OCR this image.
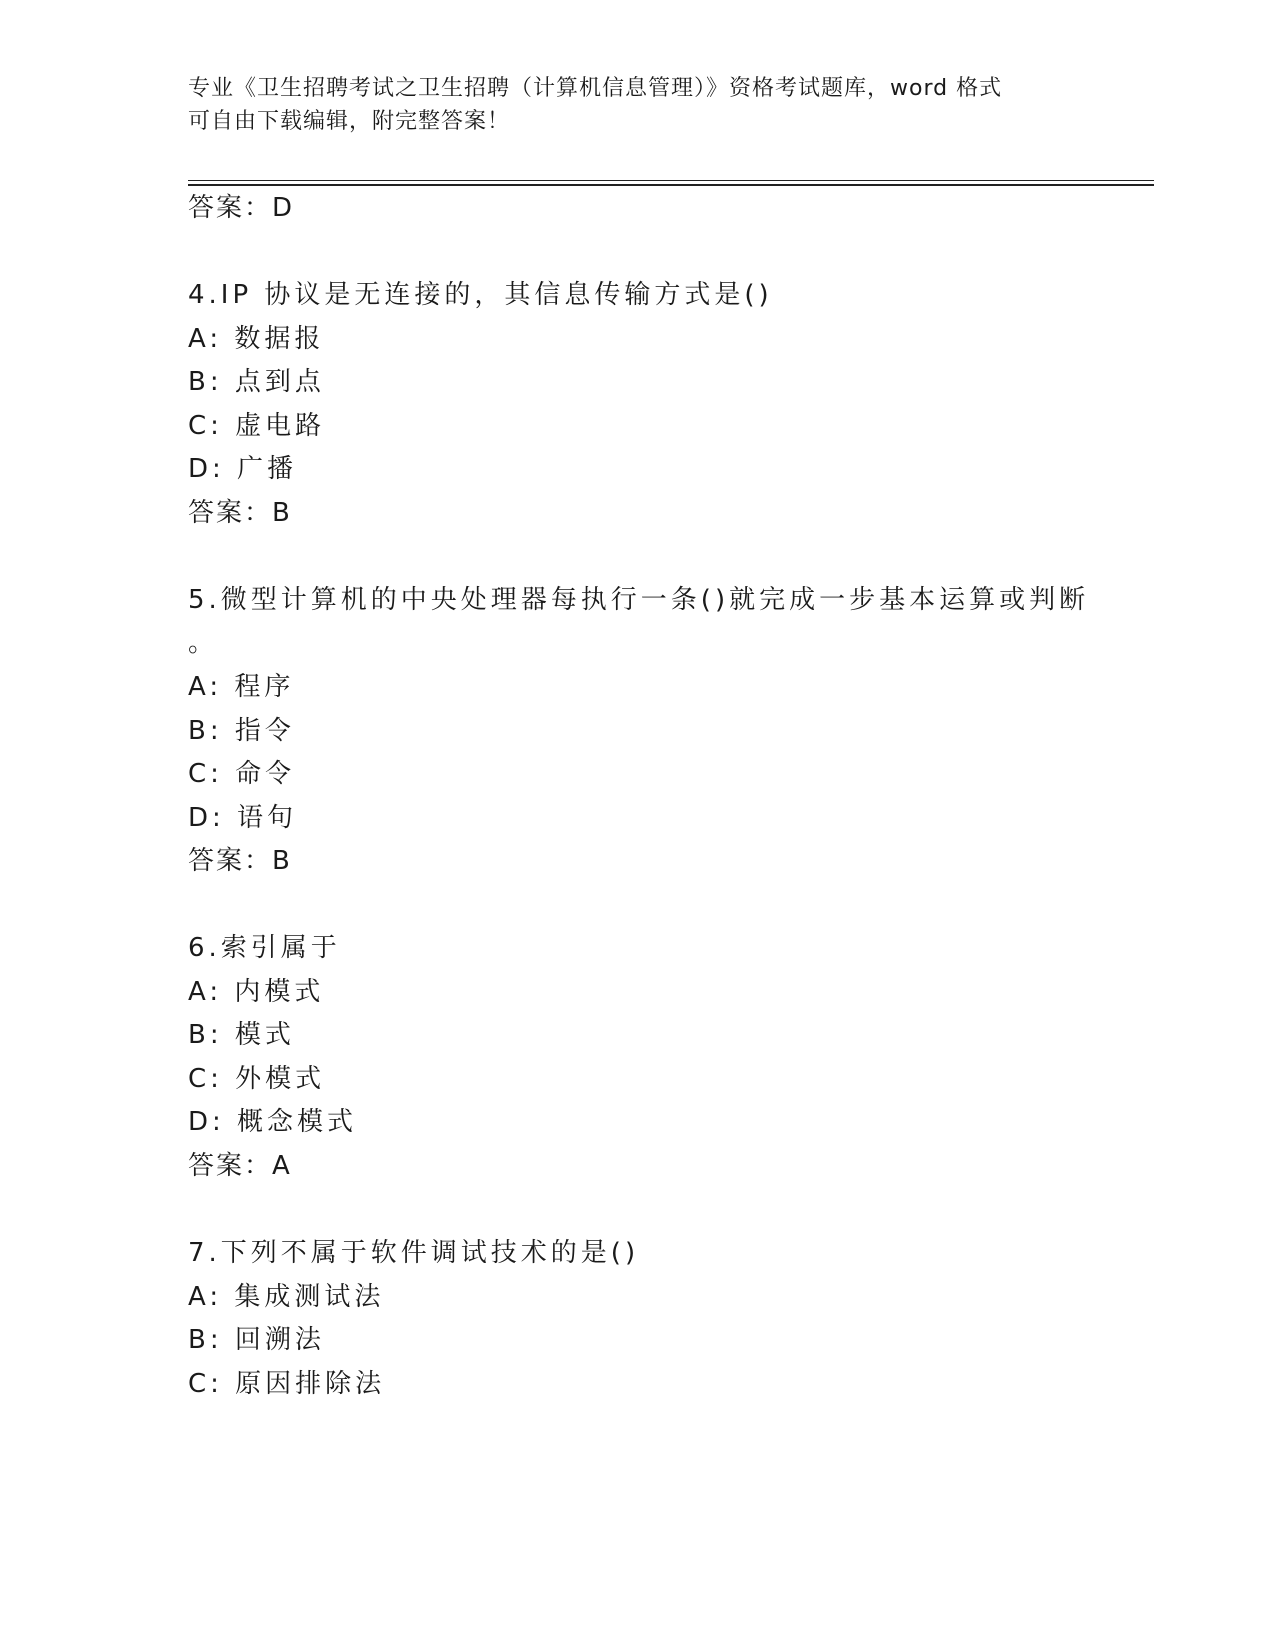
专业《卫生招聘考试之卫生招聘（计算机信息管理）》资格考试题库，word 格式

可自由下载编辑，附完整答案！

答案：D
4.IP 协议是无连接的，其信息传输方式是()
A: 数据报
B: 点到点
C: 虚电路
D: 广播
答案：B
5.微型计算机的中央处理器每执行一条()就完成一步基本运算或判断
。
A: 程序
B: 指令
C: 命令
D: 语句
答案：B
6.索引属于
A: 内模式
B: 模式
C: 外模式
D: 概念模式
答案：A
7.下列不属于软件调试技术的是()
A: 集成测试法
B: 回溯法
C: 原因排除法
